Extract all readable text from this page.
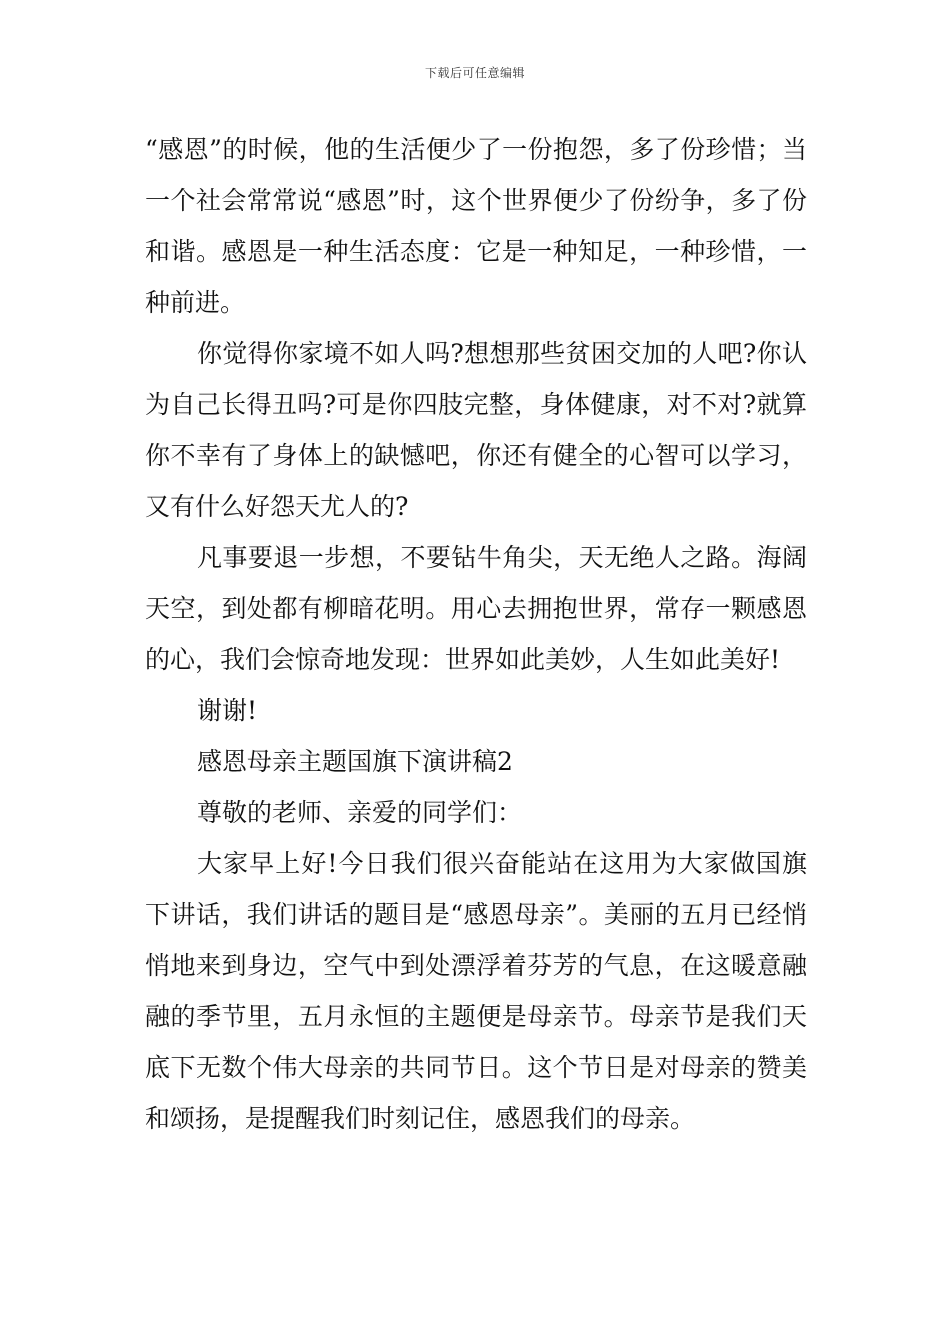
下载后可任意编辑

“感恩”的时候，他的生活便少了一份抱怨，多了份珍惜；当一个社会常常说“感恩”时，这个世界便少了份纷争，多了份和谐。感恩是一种生活态度：它是一种知足，一种珍惜，一种前进。

你觉得你家境不如人吗?想想那些贫困交加的人吧?你认为自己长得丑吗?可是你四肢完整，身体健康，对不对?就算你不幸有了身体上的缺憾吧，你还有健全的心智可以学习，又有什么好怨天尤人的?

凡事要退一步想，不要钻牛角尖，天无绝人之路。海阔天空，到处都有柳暗花明。用心去拥抱世界，常存一颗感恩的心，我们会惊奇地发现：世界如此美妙，人生如此美好!

谢谢!

感恩母亲主题国旗下演讲稿2

尊敬的老师、亲爱的同学们：

大家早上好!今日我们很兴奋能站在这用为大家做国旗下讲话，我们讲话的题目是“感恩母亲”。美丽的五月已经悄悄地来到身边，空气中到处漂浮着芬芳的气息，在这暖意融融的季节里，五月永恒的主题便是母亲节。母亲节是我们天底下无数个伟大母亲的共同节日。这个节日是对母亲的赞美和颂扬，是提醒我们时刻记住，感恩我们的母亲。
